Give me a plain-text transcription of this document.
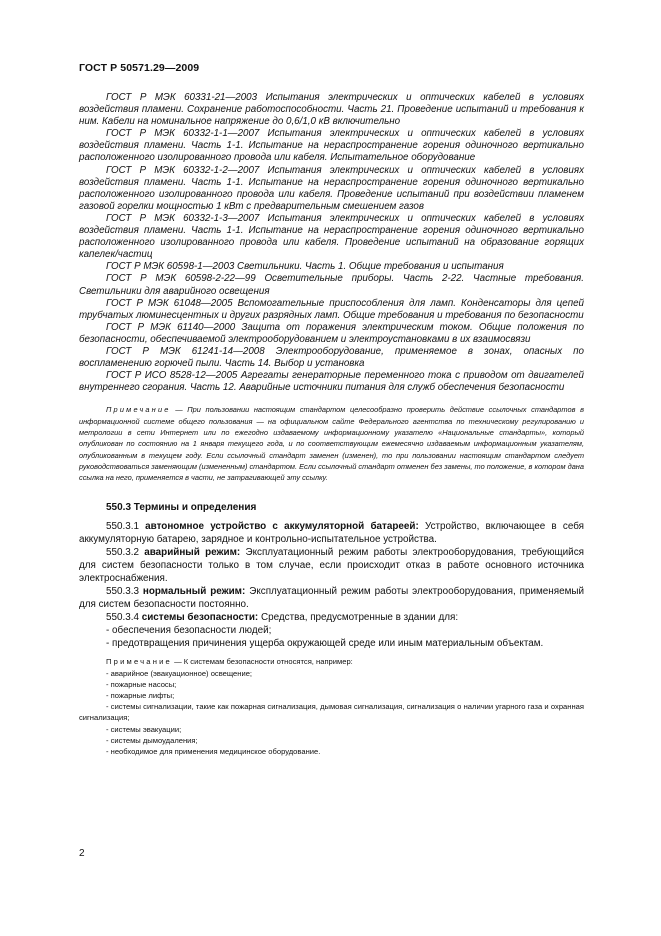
ГОСТ Р 50571.29—2009

ГОСТ Р МЭК 60331-21—2003 Испытания электрических и оптических кабелей в условиях воздействия пламени. Сохранение работоспособности. Часть 21. Проведение испытаний и требования к ним. Кабели на номинальное напряжение до 0,6/1,0 кВ включительно

ГОСТ Р МЭК 60332-1-1—2007 Испытания электрических и оптических кабелей в условиях воздействия пламени. Часть 1-1. Испытание на нераспространение горения одиночного вертикально расположенного изолированного провода или кабеля. Испытательное оборудование

ГОСТ Р МЭК 60332-1-2—2007 Испытания электрических и оптических кабелей в условиях воздействия пламени. Часть 1-1. Испытание на нераспространение горения одиночного вертикально расположенного изолированного провода или кабеля. Проведение испытаний при воздействии пламенем газовой горелки мощностью 1 кВт с предварительным смешением газов

ГОСТ Р МЭК 60332-1-3—2007 Испытания электрических и оптических кабелей в условиях воздействия пламени. Часть 1-1. Испытание на нераспространение горения одиночного вертикально расположенного изолированного провода или кабеля. Проведение испытаний на образование горящих капелек/частиц

ГОСТ Р МЭК 60598-1—2003 Светильники. Часть 1. Общие требования и испытания

ГОСТ Р МЭК 60598-2-22—99 Осветительные приборы. Часть 2-22. Частные требования. Светильники для аварийного освещения

ГОСТ Р МЭК 61048—2005 Вспомогательные приспособления для ламп. Конденсаторы для цепей трубчатых люминесцентных и других разрядных ламп. Общие требования и требования по безопасности

ГОСТ Р МЭК 61140—2000 Защита от поражения электрическим током. Общие положения по безопасности, обеспечиваемой электрооборудованием и электроустановками в их взаимосвязи

ГОСТ Р МЭК 61241-14—2008 Электрооборудование, применяемое в зонах, опасных по воспламенению горючей пыли. Часть 14. Выбор и установка

ГОСТ Р ИСО 8528-12—2005 Агрегаты генераторные переменного тока с приводом от двигателей внутреннего сгорания. Часть 12. Аварийные источники питания для служб обеспечения безопасности

Примечание — При пользовании настоящим стандартом целесообразно проверить действие ссылочных стандартов в информационной системе общего пользования — на официальном сайте Федерального агентства по техническому регулированию и метрологии в сети Интернет или по ежегодно издаваемому информационному указателю «Национальные стандарты», который опубликован по состоянию на 1 января текущего года, и по соответствующим ежемесячно издаваемым информационным указателям, опубликованным в текущем году. Если ссылочный стандарт заменен (изменен), то при пользовании настоящим стандартом следует руководствоваться заменяющим (измененным) стандартом. Если ссылочный стандарт отменен без замены, то положение, в котором дана ссылка на него, применяется в части, не затрагивающей эту ссылку.

550.3 Термины и определения

550.3.1 автономное устройство с аккумуляторной батареей: Устройство, включающее в себя аккумуляторную батарею, зарядное и контрольно-испытательное устройства.

550.3.2 аварийный режим: Эксплуатационный режим работы электрооборудования, требующийся для систем безопасности только в том случае, если происходит отказ в работе основного источника электроснабжения.

550.3.3 нормальный режим: Эксплуатационный режим работы электрооборудования, применяемый для систем безопасности постоянно.

550.3.4 системы безопасности: Средства, предусмотренные в здании для:

- обеспечения безопасности людей;

- предотвращения причинения ущерба окружающей среде или иным материальным объектам.

Примечание — К системам безопасности относятся, например:

- аварийное (эвакуационное) освещение;

- пожарные насосы;

- пожарные лифты;

- системы сигнализации, такие как пожарная сигнализация, дымовая сигнализация, сигнализация о наличии угарного газа и охранная сигнализация;

- системы эвакуации;

- системы дымоудаления;

- необходимое для применения медицинское оборудование.

2
